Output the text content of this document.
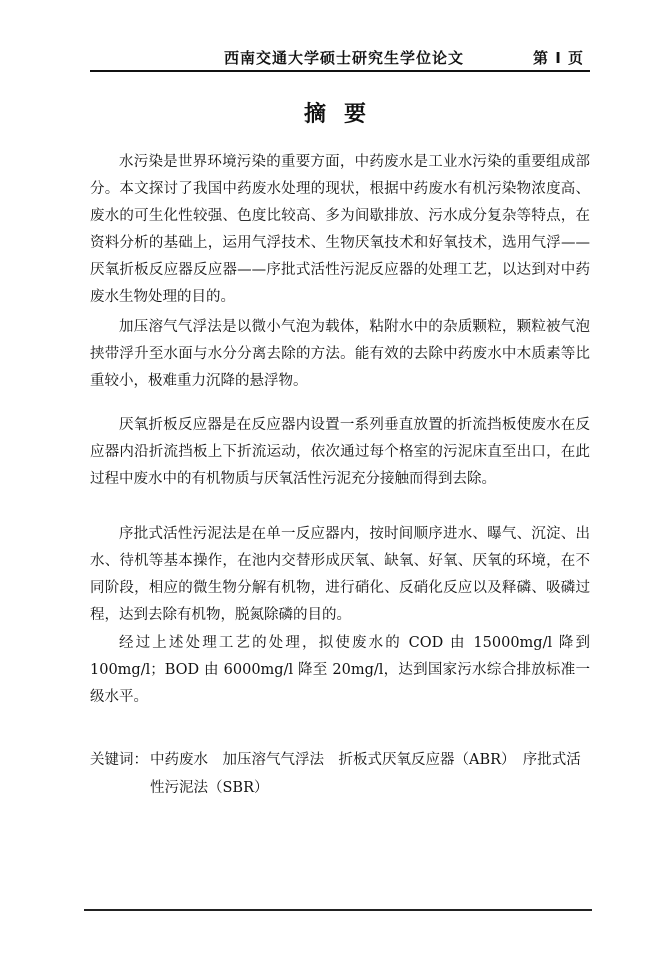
西南交通大学硕士研究生学位论文	第 I 页
摘要

水污染是世界环境污染的重要方面，中药废水是工业水污染的重要组成部分。本文探讨了我国中药废水处理的现状，根据中药废水有机污染物浓度高、废水的可生化性较强、色度比较高、多为间歇排放、污水成分复杂等特点，在资料分析的基础上，运用气浮技术、生物厌氧技术和好氧技术，选用气浮——厌氧折板反应器反应器——序批式活性污泥反应器的处理工艺，以达到对中药废水生物处理的目的。

加压溶气气浮法是以微小气泡为载体，粘附水中的杂质颗粒，颗粒被气泡挟带浮升至水面与水分分离去除的方法。能有效的去除中药废水中木质素等比重较小，极难重力沉降的悬浮物。

厌氧折板反应器是在反应器内设置一系列垂直放置的折流挡板使废水在反应器内沿折流挡板上下折流运动，依次通过每个格室的污泥床直至出口，在此过程中废水中的有机物质与厌氧活性污泥充分接触而得到去除。

序批式活性污泥法是在单一反应器内，按时间顺序进水、曝气、沉淀、出水、待机等基本操作，在池内交替形成厌氧、缺氧、好氧、厌氧的环境，在不同阶段，相应的微生物分解有机物，进行硝化、反硝化反应以及释磷、吸磷过程，达到去除有机物，脱氮除磷的目的。

经过上述处理工艺的处理，拟使废水的 COD 由 15000mg/l 降到100mg/l；BOD 由 6000mg/l 降至 20mg/l，达到国家污水综合排放标准一级水平。

关键词： 中药废水　加压溶气气浮法　折板式厌氧反应器（ABR）　序批式活性污泥法（SBR）
